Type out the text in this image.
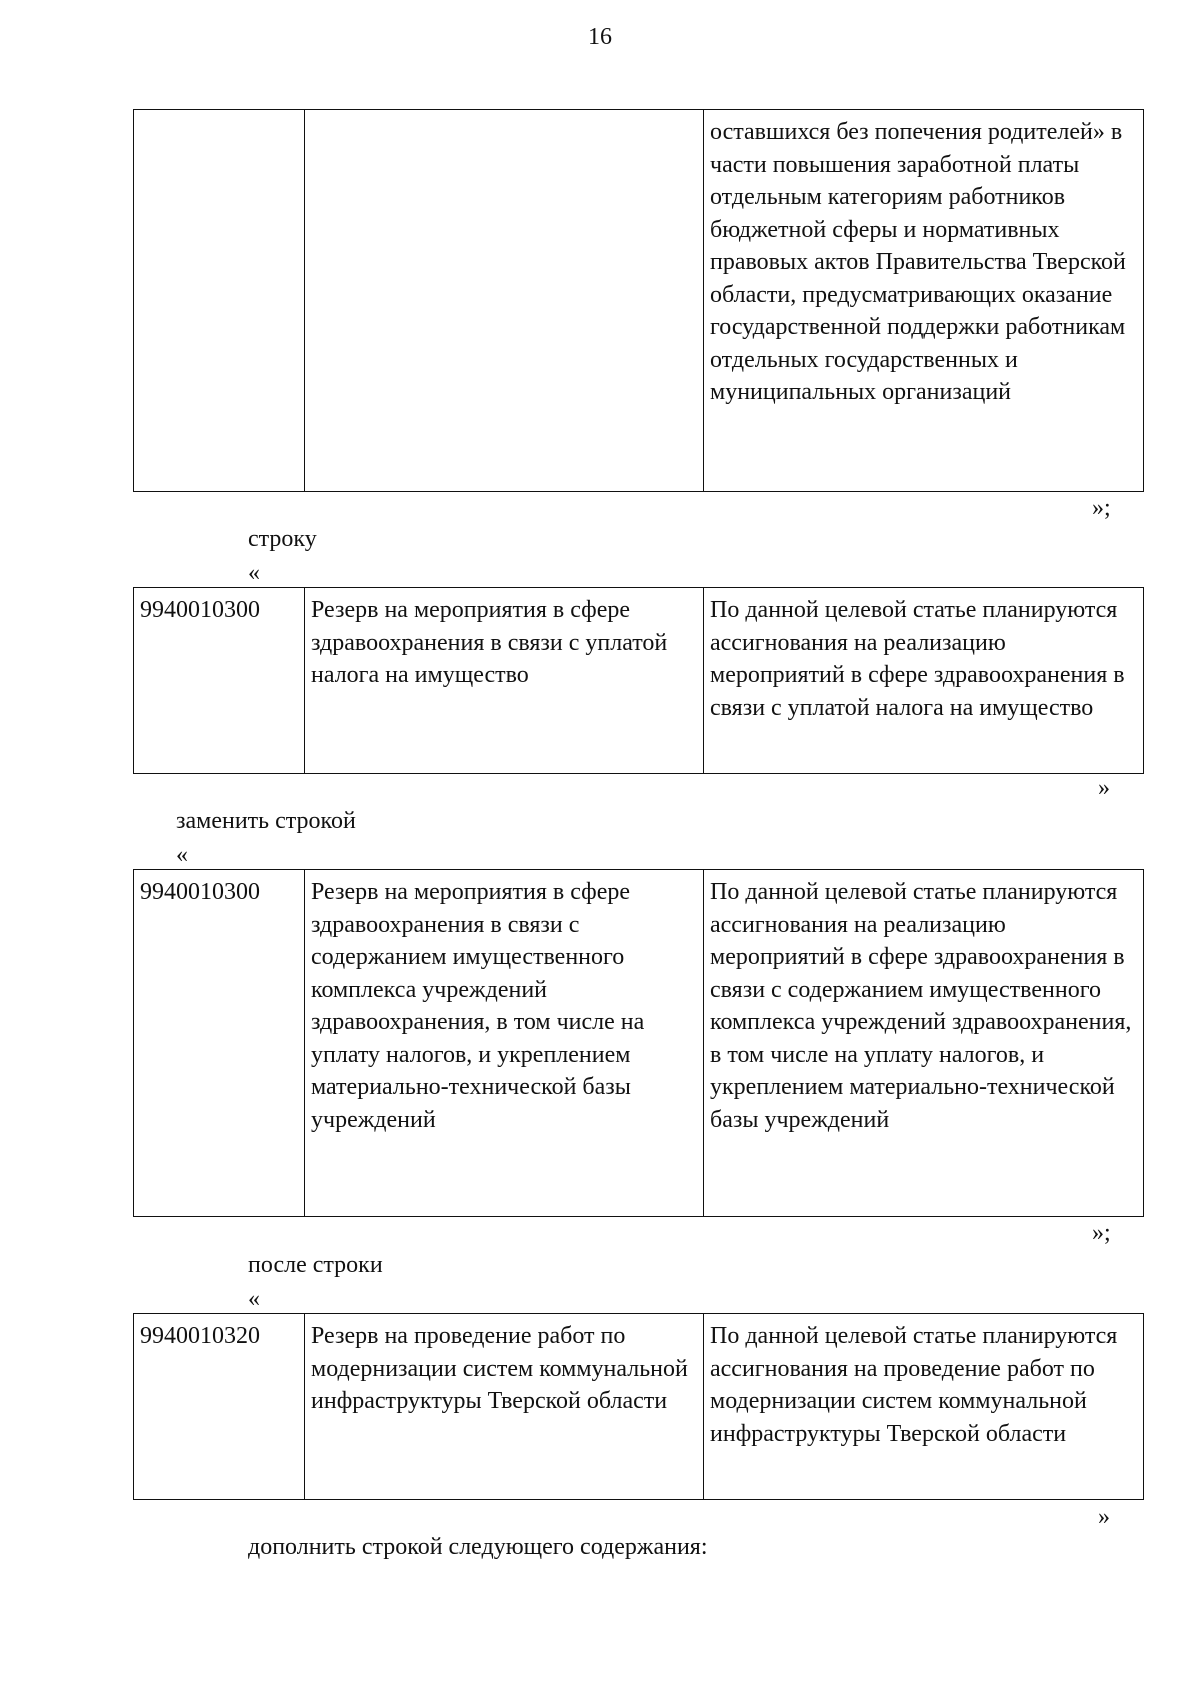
16
		оставшихся без попечения родителей» в части повышения заработной платы отдельным категориям работников бюджетной сферы и нормативных правовых актов Правительства Тверской области, предусматривающих оказание государственной поддержки работникам отдельных государственных и муниципальных организаций
»;
строку
«
9940010300	Резерв на мероприятия в сфере здравоохранения в связи с уплатой налога на имущество	По данной целевой статье планируются ассигнования на реализацию мероприятий в сфере здравоохранения в связи с уплатой налога на имущество
»
заменить строкой
«
9940010300	Резерв на мероприятия в сфере здравоохранения в связи с содержанием имущественного комплекса учреждений здравоохранения, в том числе на уплату налогов, и укреплением материально-технической базы учреждений	По данной целевой статье планируются ассигнования на реализацию мероприятий в сфере здравоохранения в связи с содержанием имущественного комплекса учреждений здравоохранения, в том числе на уплату налогов, и укреплением материально-технической базы учреждений
»;
после строки
«
9940010320	Резерв на проведение работ по модернизации систем коммунальной инфраструктуры Тверской области	По данной целевой статье планируются ассигнования на проведение работ по модернизации систем коммунальной инфраструктуры Тверской области
»
дополнить строкой следующего содержания:
